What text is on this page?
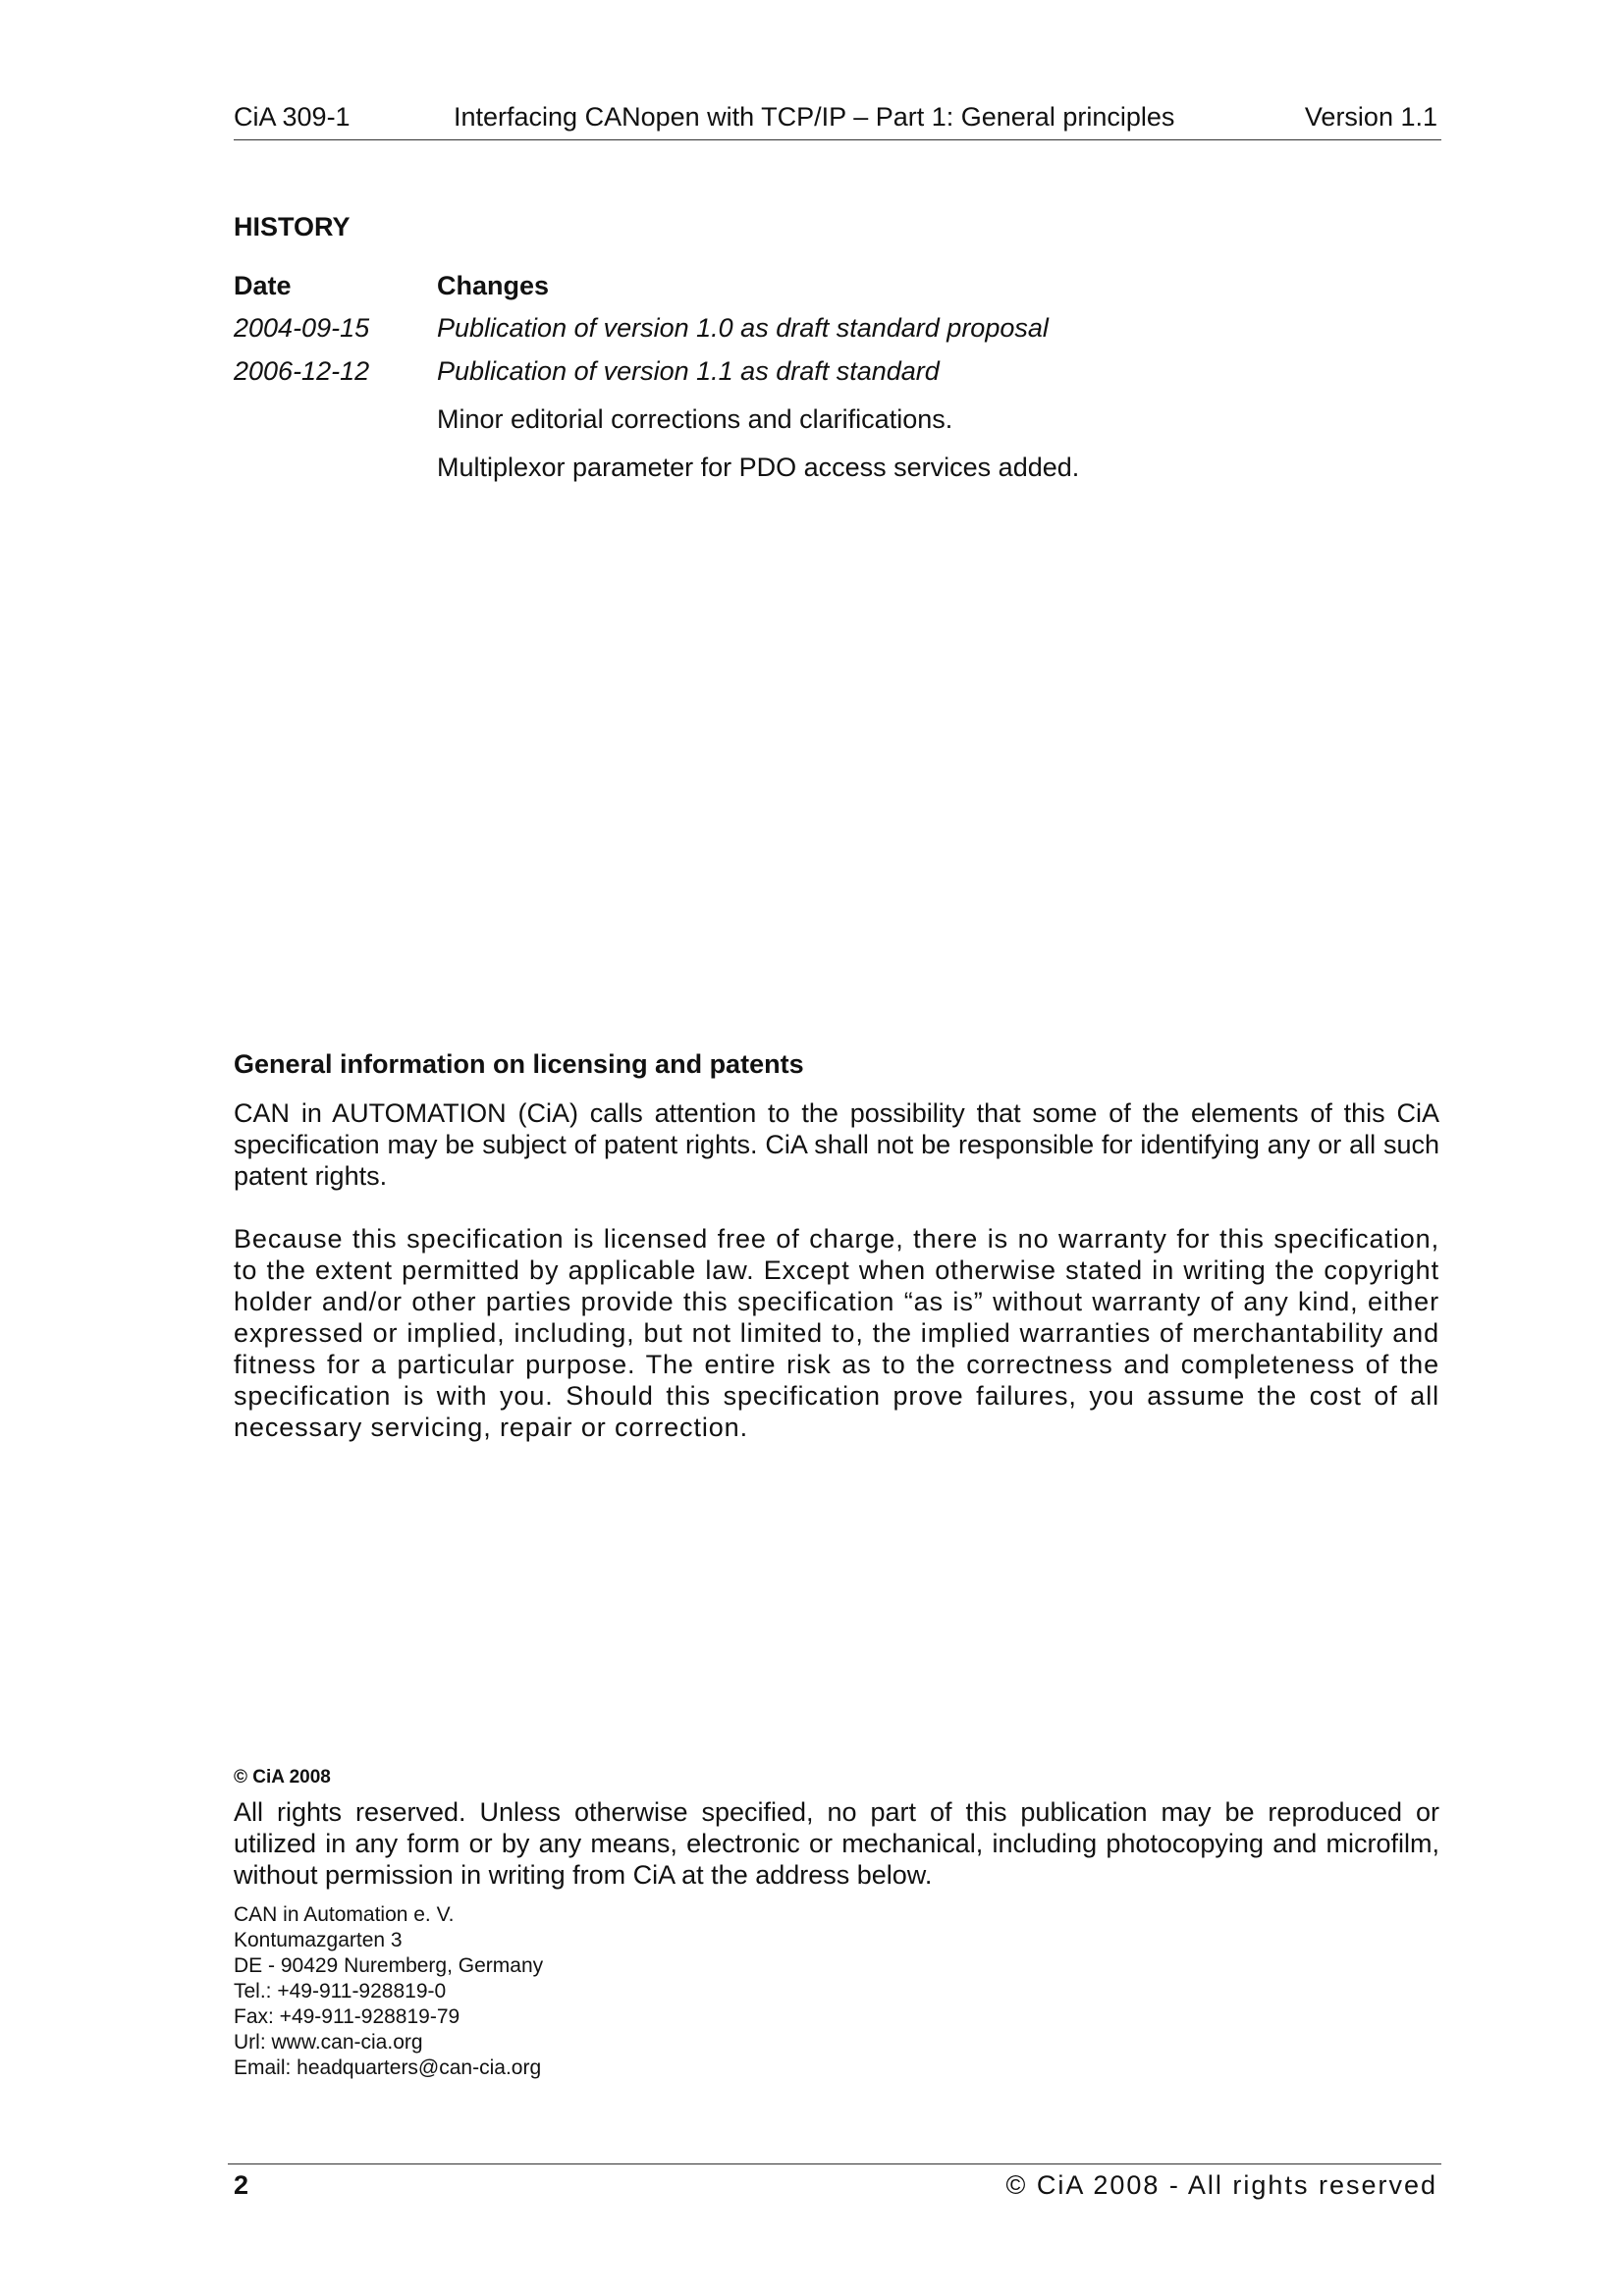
CiA 309-1	Interfacing CANopen with TCP/IP – Part 1: General principles	Version 1.1
HISTORY
Date	Changes
2004-09-15	Publication of version 1.0 as draft standard proposal
2006-12-12	Publication of version 1.1 as draft standard
Minor editorial corrections and clarifications.
Multiplexor parameter for PDO access services added.
General information on licensing and patents
CAN in AUTOMATION (CiA) calls attention to the possibility that some of the elements of this CiA specification may be subject of patent rights. CiA shall not be responsible for identifying any or all such patent rights.
Because this specification is licensed free of charge, there is no warranty for this specification, to the extent permitted by applicable law. Except when otherwise stated in writing the copyright holder and/or other parties provide this specification “as is” without warranty of any kind, either expressed or implied, including, but not limited to, the implied warranties of merchantability and fitness for a particular purpose. The entire risk as to the correctness and completeness of the specification is with you. Should this specification prove failures, you assume the cost of all necessary servicing, repair or correction.
© CiA 2008
All rights reserved. Unless otherwise specified, no part of this publication may be reproduced or utilized in any form or by any means, electronic or mechanical, including photocopying and microfilm, without permission in writing from CiA at the address below.
CAN in Automation e. V.
Kontumazgarten 3
DE - 90429 Nuremberg, Germany
Tel.: +49-911-928819-0
Fax: +49-911-928819-79
Url: www.can-cia.org
Email: headquarters@can-cia.org
2	© CiA 2008 - All rights reserved
